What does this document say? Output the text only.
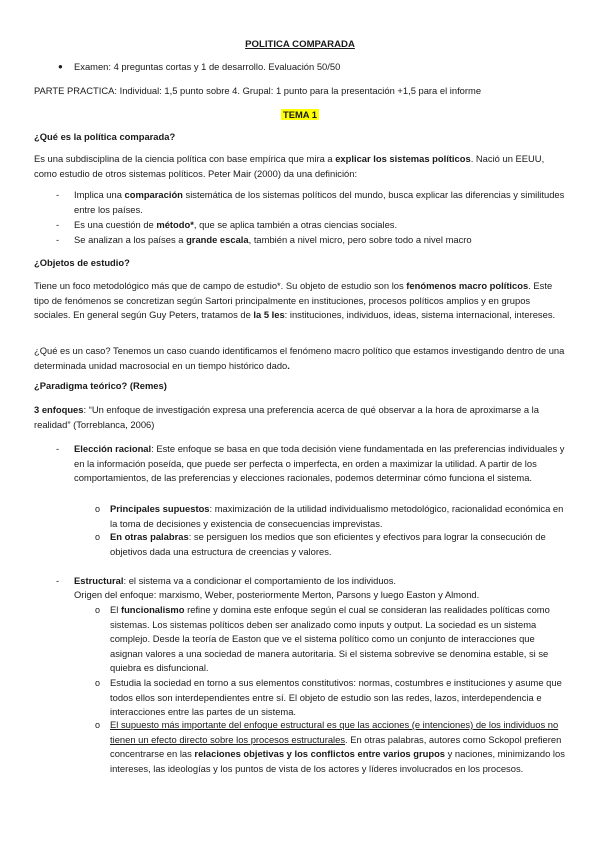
POLITICA COMPARADA

● Examen: 4 preguntas cortas y 1 de desarrollo. Evaluación 50/50

PARTE PRACTICA: Individual: 1,5 punto sobre 4. Grupal: 1 punto para la presentación +1,5 para el informe

TEMA 1

¿Qué es la política comparada?

Es una subdisciplina de la ciencia política con base empírica que mira a explicar los sistemas políticos. Nació un EEUU, como estudio de otros sistemas políticos. Peter Mair (2000) da una definición:

- Implica una comparación sistemática de los sistemas políticos del mundo, busca explicar las diferencias y similitudes entre los países.

- Es una cuestión de método*, que se aplica también a otras ciencias sociales.

- Se analizan a los países a grande escala, también a nivel micro, pero sobre todo a nivel macro

¿Objetos de estudio?

Tiene un foco metodológico más que de campo de estudio*. Su objeto de estudio son los fenómenos macro políticos. Este tipo de fenómenos se concretizan según Sartori principalmente en instituciones, procesos políticos amplios y en grupos sociales. En general según Guy Peters, tratamos de la 5 Ies: instituciones, individuos, ideas, sistema internacional, intereses.

¿Qué es un caso? Tenemos un caso cuando identificamos el fenómeno macro político que estamos investigando dentro de una determinada unidad macrosocial en un tiempo histórico dado.

¿Paradigma teórico? (Remes)

3 enfoques: “Un enfoque de investigación expresa una preferencia acerca de qué observar a la hora de aproximarse a la realidad” (Torreblanca, 2006)

- Elección racional: Este enfoque se basa en que toda decisión viene fundamentada en las preferencias individuales y en la información poseída, que puede ser perfecta o imperfecta, en orden a maximizar la utilidad. A partir de los comportamientos, de las preferencias y elecciones racionales, podemos determinar cómo funciona el sistema.

o Principales supuestos: maximización de la utilidad individualismo metodológico, racionalidad económica en la toma de decisiones y existencia de consecuencias imprevistas.

o En otras palabras: se persiguen los medios que son eficientes y efectivos para lograr la consecución de objetivos dada una estructura de creencias y valores.

- Estructural: el sistema va a condicionar el comportamiento de los individuos.

Origen del enfoque: marxismo, Weber, posteriormente Merton, Parsons y luego Easton y Almond.

o El funcionalismo refine y domina este enfoque según el cual se consideran las realidades políticas como sistemas. Los sistemas políticos deben ser analizado como inputs y output. La sociedad es un sistema complejo. Desde la teoría de Easton que ve el sistema político como un conjunto de interacciones que asignan valores a una sociedad de manera autoritaria. Si el sistema sobrevive se denomina estable, si se quiebra es disfuncional.

o Estudia la sociedad en torno a sus elementos constitutivos: normas, costumbres e instituciones y asume que todos ellos son interdependientes entre sí. El objeto de estudio son las redes, lazos, interdependencia e interacciones entre las partes de un sistema.

o El supuesto más importante del enfoque estructural es que las acciones (e intenciones) de los individuos no tienen un efecto directo sobre los procesos estructurales. En otras palabras, autores como Sckopol prefieren concentrarse en las relaciones objetivas y los conflictos entre varios grupos y naciones, minimizando los intereses, las ideologías y los puntos de vista de los actores y líderes involucrados en los procesos.
